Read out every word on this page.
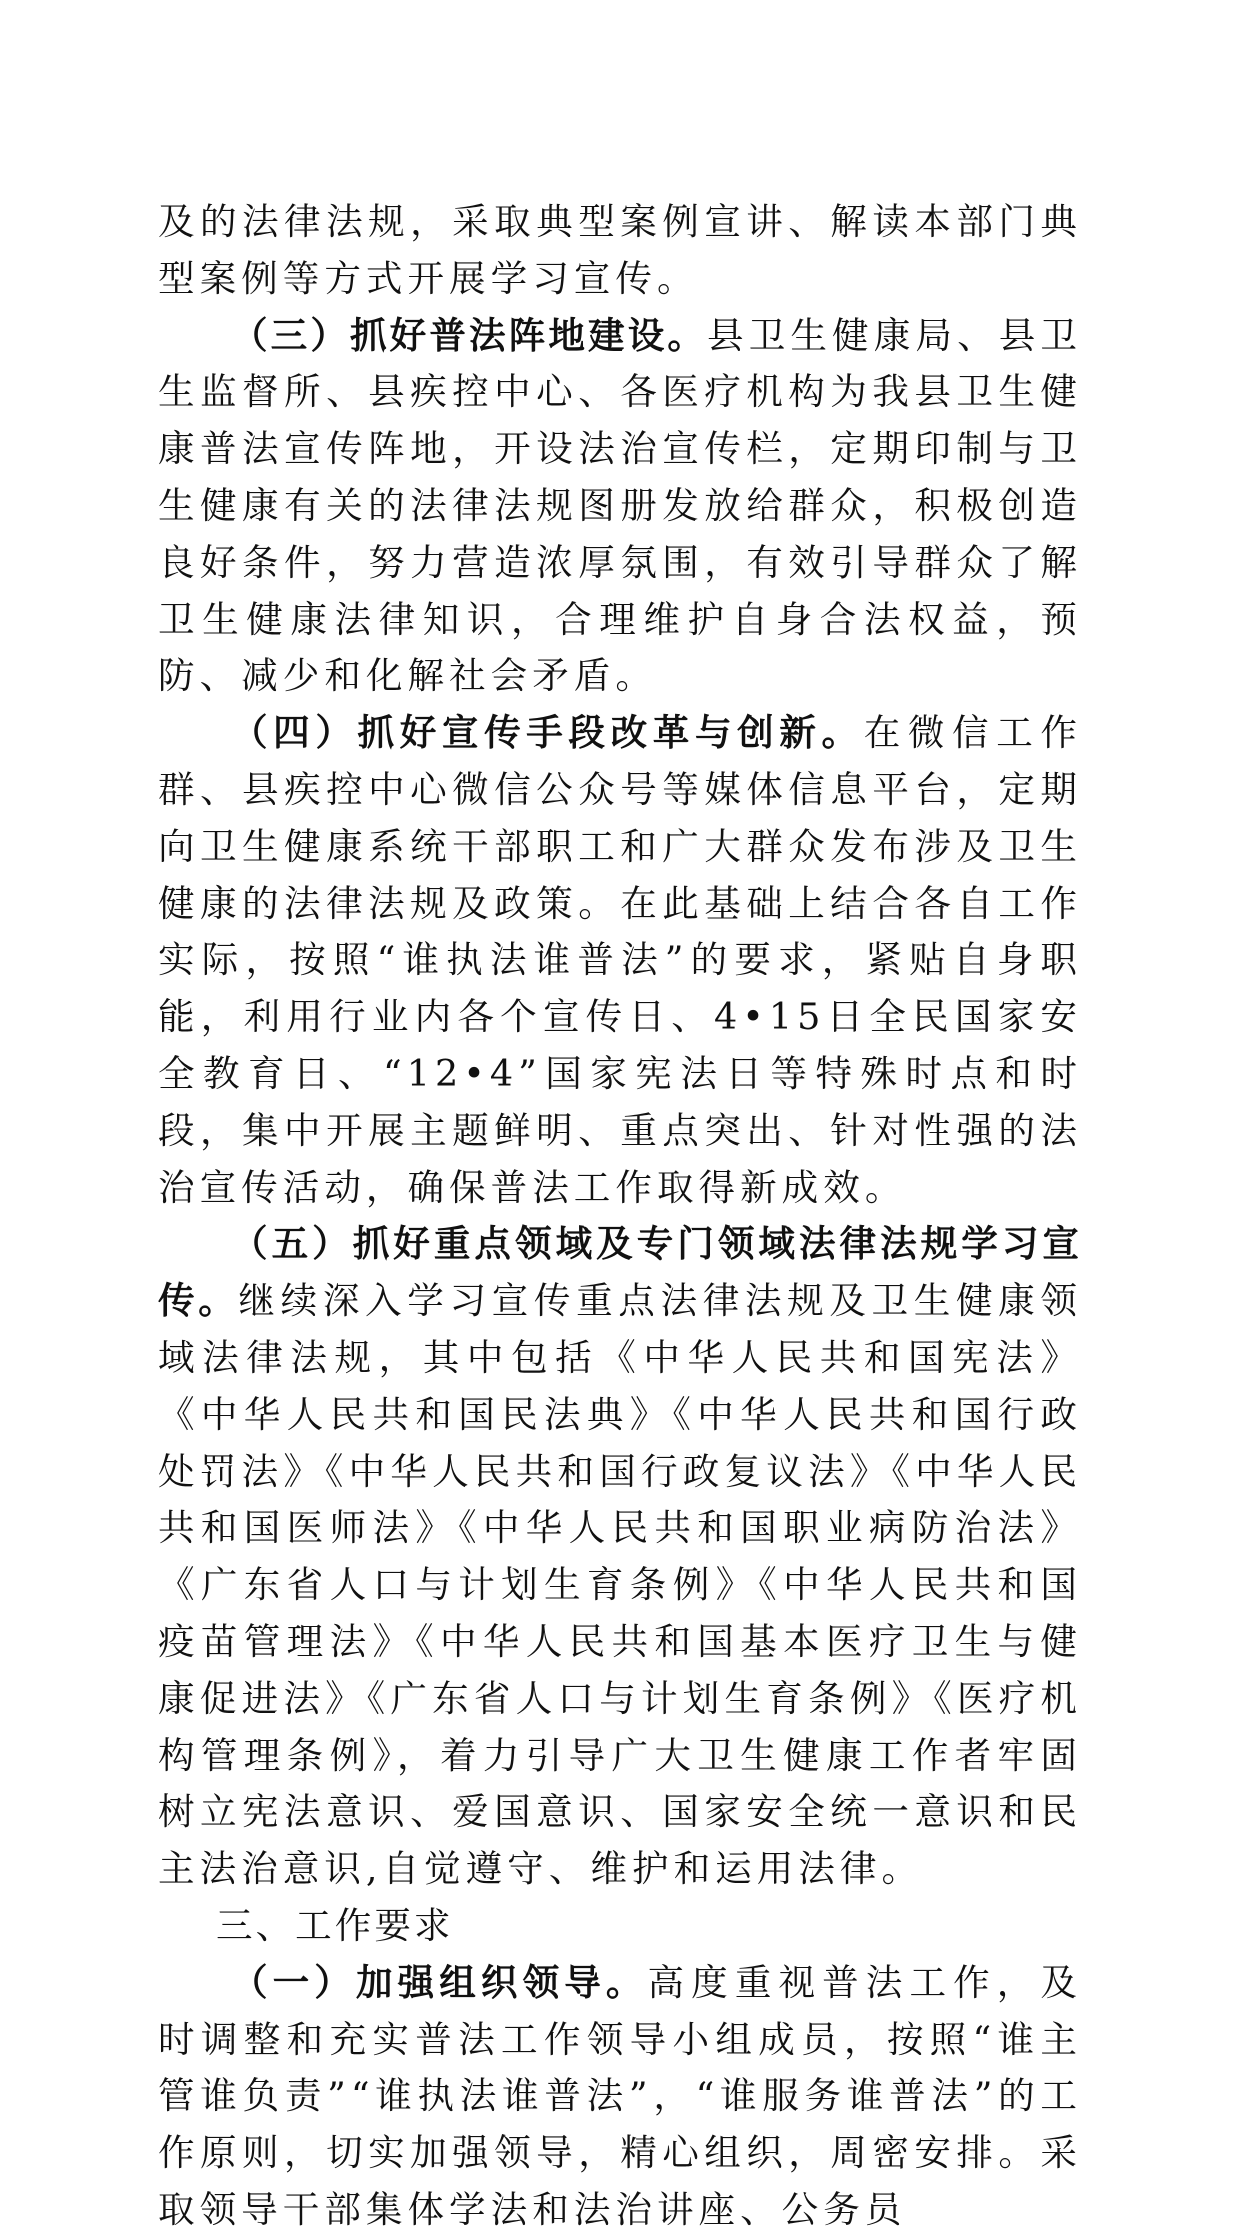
及的法律法规，采取典型案例宣讲、解读本部门典型案例等方式开展学习宣传。

（三）抓好普法阵地建设。县卫生健康局、县卫生监督所、县疾控中心、各医疗机构为我县卫生健康普法宣传阵地，开设法治宣传栏，定期印制与卫生健康有关的法律法规图册发放给群众，积极创造良好条件，努力营造浓厚氛围，有效引导群众了解卫生健康法律知识，合理维护自身合法权益，预防、减少和化解社会矛盾。

（四）抓好宣传手段改革与创新。在微信工作群、县疾控中心微信公众号等媒体信息平台，定期向卫生健康系统干部职工和广大群众发布涉及卫生健康的法律法规及政策。在此基础上结合各自工作实际，按照“谁执法谁普法”的要求，紧贴自身职能，利用行业内各个宣传日、4•15日全民国家安全教育日、“12•4”国家宪法日等特殊时点和时段，集中开展主题鲜明、重点突出、针对性强的法治宣传活动，确保普法工作取得新成效。

（五）抓好重点领域及专门领域法律法规学习宣传。继续深入学习宣传重点法律法规及卫生健康领域法律法规，其中包括《中华人民共和国宪法》《中华人民共和国民法典》《中华人民共和国行政处罚法》《中华人民共和国行政复议法》《中华人民共和国医师法》《中华人民共和国职业病防治法》《广东省人口与计划生育条例》《中华人民共和国疫苗管理法》《中华人民共和国基本医疗卫生与健康促进法》《广东省人口与计划生育条例》《医疗机构管理条例》，着力引导广大卫生健康工作者牢固树立宪法意识、爱国意识、国家安全统一意识和民主法治意识,自觉遵守、维护和运用法律。

三、工作要求

（一）加强组织领导。高度重视普法工作，及时调整和充实普法工作领导小组成员，按照“谁主管谁负责”“谁执法谁普法”，“谁服务谁普法”的工作原则，切实加强领导，精心组织，周密安排。采取领导干部集体学法和法治讲座、公务员
